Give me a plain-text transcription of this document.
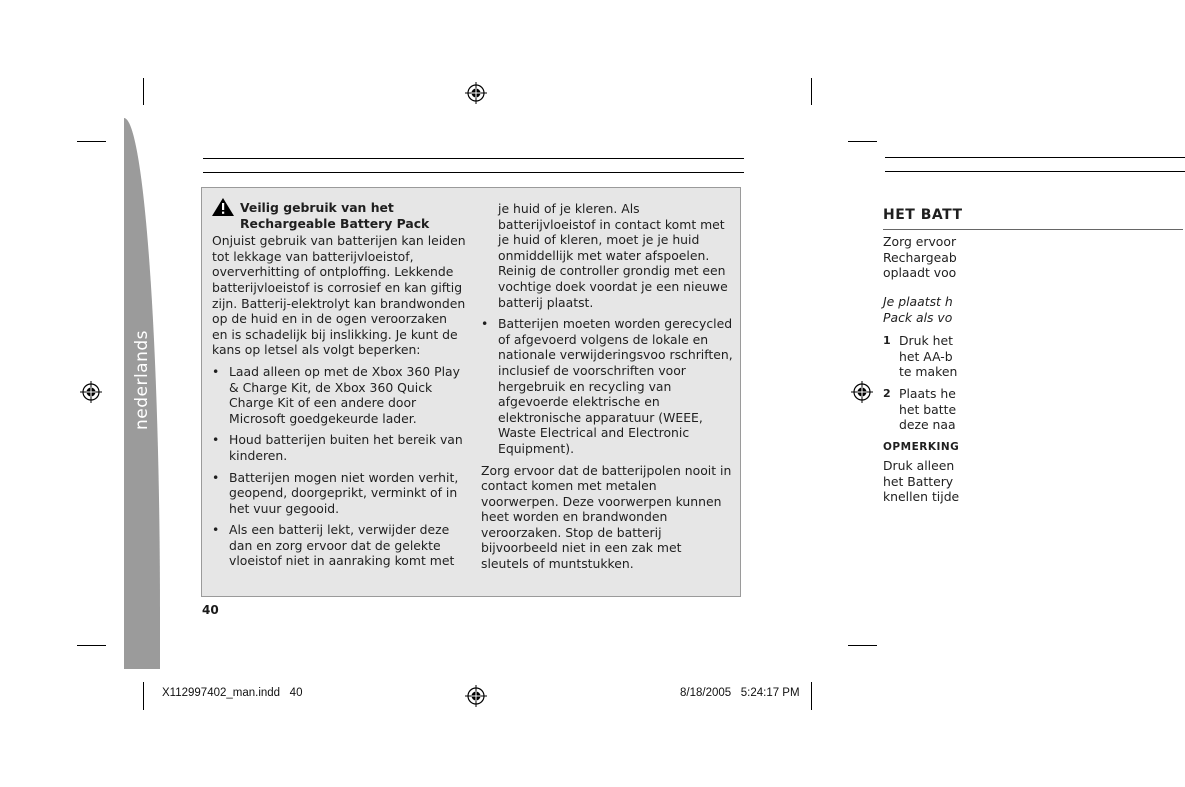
nederlands
Veilig gebruik van het
Rechargeable Battery Pack

Onjuist gebruik van batterijen kan leiden tot lekkage van batterijvloeistof, oververhitting of ontploffing. Lekkende batterijvloeistof is corrosief en kan giftig zijn. Batterij-elektrolyt kan brandwonden op de huid en in de ogen veroorzaken en is schadelijk bij inslikking. Je kunt de kans op letsel als volgt beperken:

• Laad alleen op met de Xbox 360 Play & Charge Kit, de Xbox 360 Quick Charge Kit of een andere door Microsoft goedgekeurde lader.
• Houd batterijen buiten het bereik van kinderen.
• Batterijen mogen niet worden verhit, geopend, doorgeprikt, verminkt of in het vuur gegooid.
• Als een batterij lekt, verwijder deze dan en zorg ervoor dat de gelekte vloeistof niet in aanraking komt met

je huid of je kleren. Als batterijvloeistof in contact komt met je huid of kleren, moet je je huid onmiddellijk met water afspoelen. Reinig de controller grondig met een vochtige doek voordat je een nieuwe batterij plaatst.

• Batterijen moeten worden gerecycled of afgevoerd volgens de lokale en nationale verwijderingsvoo rschriften, inclusief de voorschriften voor hergebruik en recycling van afgevoerde elektrische en elektronische apparatuur (WEEE, Waste Electrical and Electronic Equipment).

Zorg ervoor dat de batterijpolen nooit in contact komen met metalen voorwerpen. Deze voorwerpen kunnen heet worden en brandwonden veroorzaken. Stop de batterij bijvoorbeeld niet in een zak met sleutels of muntstukken.

40
HET BATT
Zorg ervoor
Rechargeab
oplaadt voo
Je plaatst h
Pack als vo
1 Druk het
het AA-b
te maken
2 Plaats he
het batte
deze naa
OPMERKING
Druk alleen
het Battery
knellen tijde
X112997402_man.indd   40	8/18/2005   5:24:17 PM
